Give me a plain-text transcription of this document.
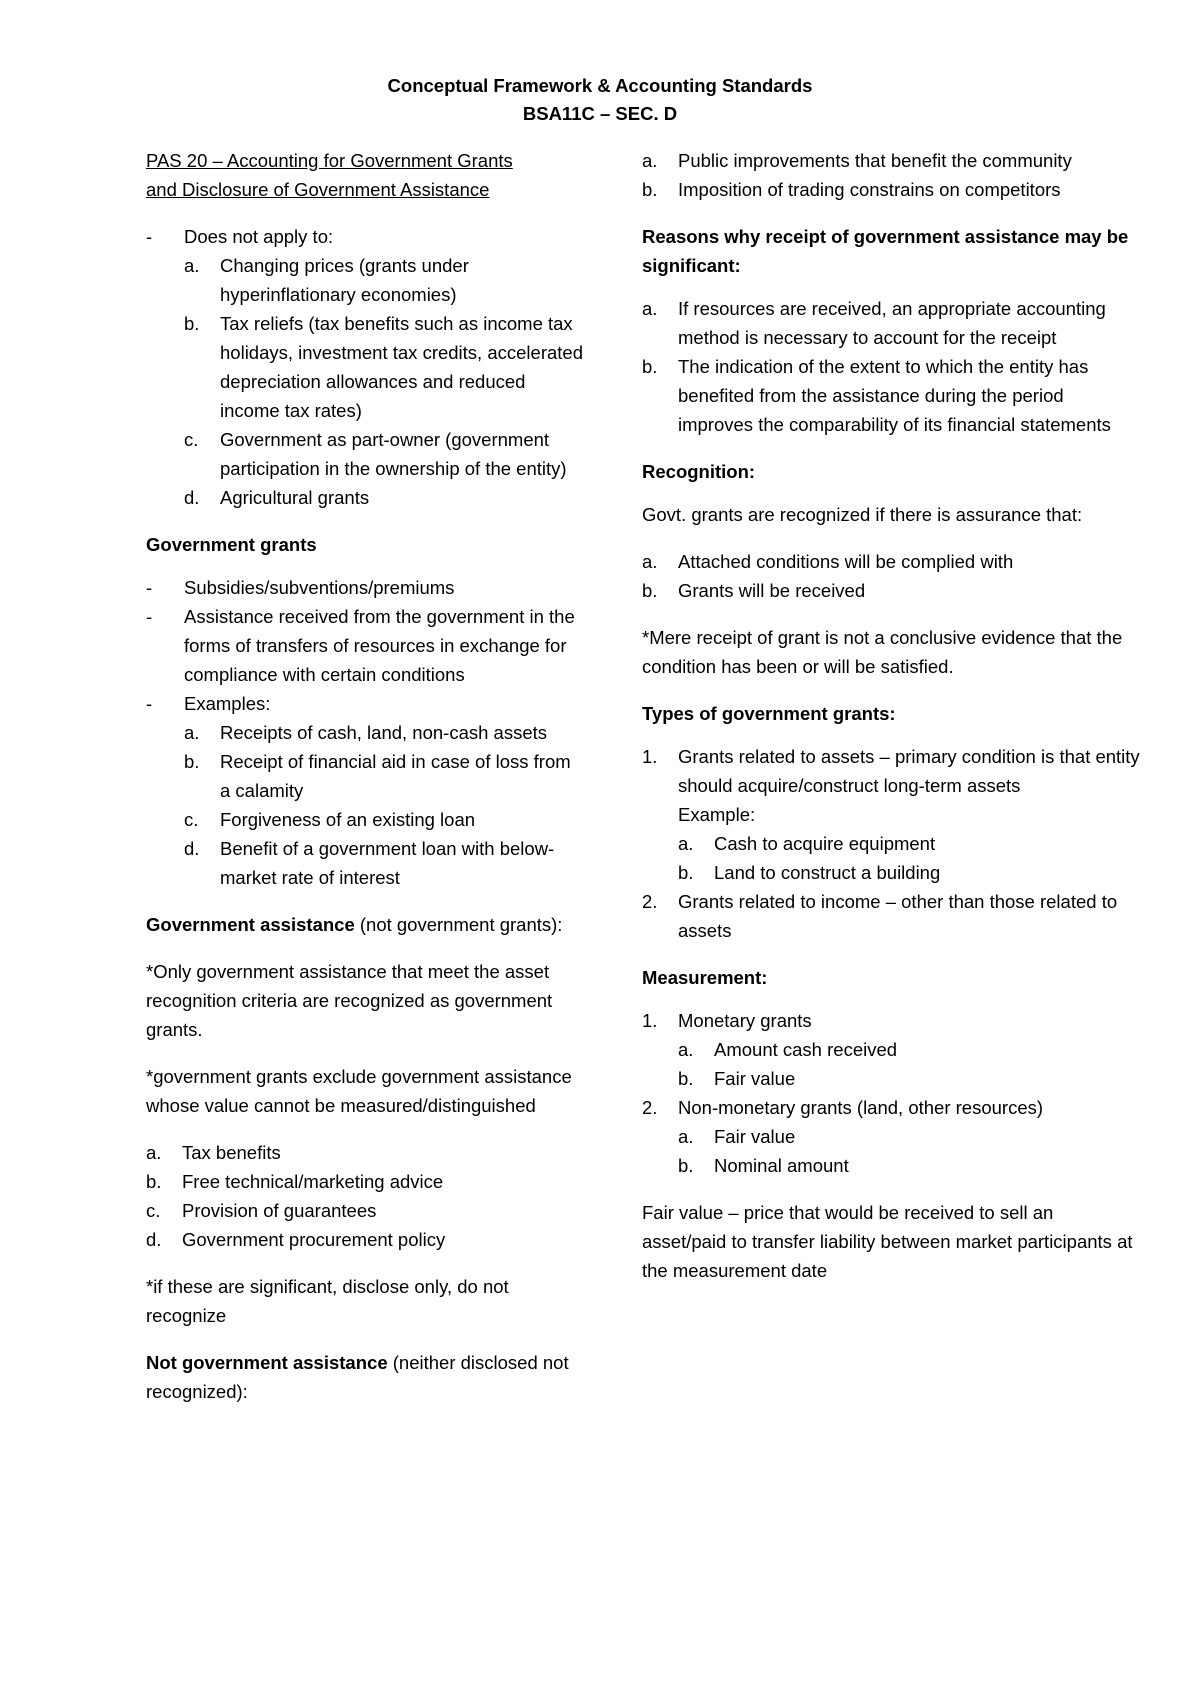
Conceptual Framework & Accounting Standards
BSA11C – SEC. D

PAS 20 – Accounting for Government Grants
and Disclosure of Government Assistance

- Does not apply to:
a. Changing prices (grants under hyperinflationary economies)
b. Tax reliefs (tax benefits such as income tax holidays, investment tax credits, accelerated depreciation allowances and reduced income tax rates)
c. Government as part-owner (government participation in the ownership of the entity)
d. Agricultural grants

Government grants

- Subsidies/subventions/premiums
- Assistance received from the government in the forms of transfers of resources in exchange for compliance with certain conditions
- Examples:
a. Receipts of cash, land, non-cash assets
b. Receipt of financial aid in case of loss from a calamity
c. Forgiveness of an existing loan
d. Benefit of a government loan with below-market rate of interest

Government assistance (not government grants):

*Only government assistance that meet the asset recognition criteria are recognized as government grants.

*government grants exclude government assistance whose value cannot be measured/distinguished

a. Tax benefits
b. Free technical/marketing advice
c. Provision of guarantees
d. Government procurement policy

*if these are significant, disclose only, do not recognize

Not government assistance (neither disclosed not recognized):

a. Public improvements that benefit the community
b. Imposition of trading constrains on competitors

Reasons why receipt of government assistance may be significant:

a. If resources are received, an appropriate accounting method is necessary to account for the receipt
b. The indication of the extent to which the entity has benefited from the assistance during the period improves the comparability of its financial statements

Recognition:

Govt. grants are recognized if there is assurance that:

a. Attached conditions will be complied with
b. Grants will be received

*Mere receipt of grant is not a conclusive evidence that the condition has been or will be satisfied.

Types of government grants:

1. Grants related to assets – primary condition is that entity should acquire/construct long-term assets
Example:
a. Cash to acquire equipment
b. Land to construct a building
2. Grants related to income – other than those related to assets

Measurement:

1. Monetary grants
a. Amount cash received
b. Fair value
2. Non-monetary grants (land, other resources)
a. Fair value
b. Nominal amount

Fair value – price that would be received to sell an asset/paid to transfer liability between market participants at the measurement date
